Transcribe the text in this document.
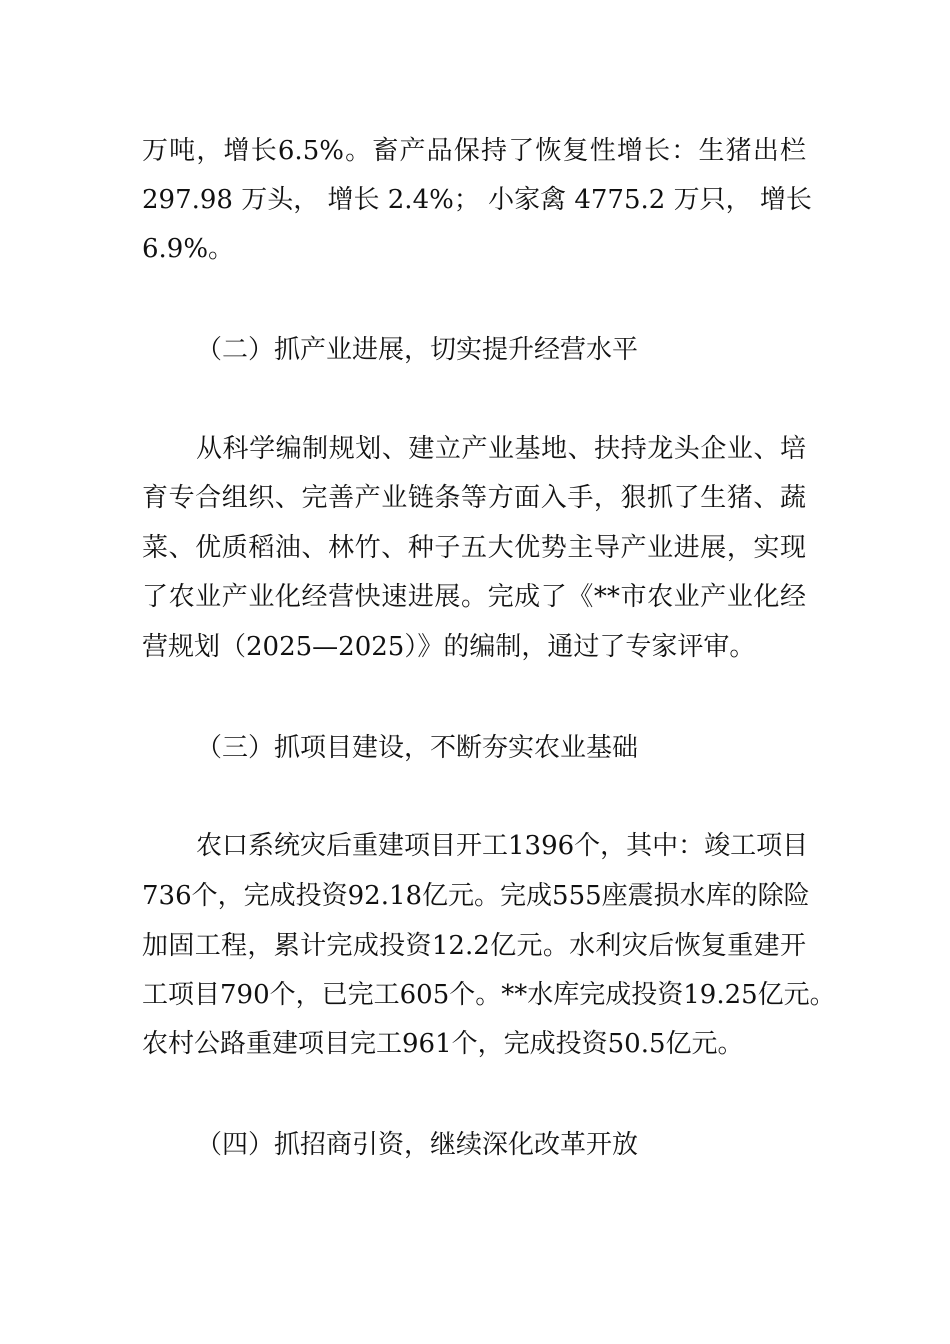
万吨，增长6.5%。畜产品保持了恢复性增长：生猪出栏
297.98 万头， 增长 2.4%； 小家禽 4775.2 万只， 增长
6.9%。
（二）抓产业进展，切实提升经营水平
从科学编制规划、建立产业基地、扶持龙头企业、培
育专合组织、完善产业链条等方面入手，狠抓了生猪、蔬
菜、优质稻油、林竹、种子五大优势主导产业进展，实现
了农业产业化经营快速进展。完成了《**市农业产业化经
营规划（2025—2025）》的编制，通过了专家评审。
（三）抓项目建设，不断夯实农业基础
农口系统灾后重建项目开工1396个，其中：竣工项目
736个，完成投资92.18亿元。完成555座震损水库的除险
加固工程，累计完成投资12.2亿元。水利灾后恢复重建开
工项目790个，已完工605个。**水库完成投资19.25亿元。
农村公路重建项目完工961个，完成投资50.5亿元。
（四）抓招商引资，继续深化改革开放
